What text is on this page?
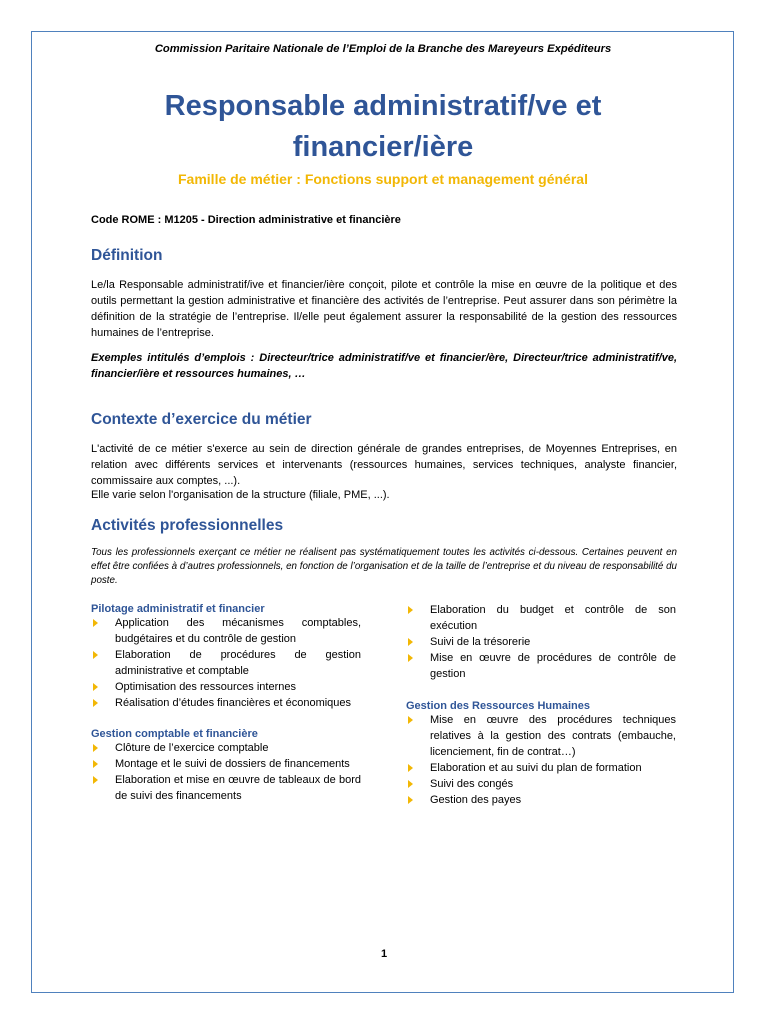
Commission Paritaire Nationale de l’Emploi de la Branche des Mareyeurs Expéditeurs
Responsable administratif/ve et
financier/ière
Famille de métier : Fonctions support et management général
Code ROME : M1205 - Direction administrative et financière
Définition
Le/la Responsable administratif/ive et financier/ière conçoit, pilote et contrôle la mise en œuvre de la politique et des outils permettant la gestion administrative et financière des activités de l’entreprise. Peut assurer dans son périmètre la définition de la stratégie de l’entreprise. Il/elle peut également assurer la responsabilité de la gestion des ressources humaines de l’entreprise.
Exemples intitulés d’emplois : Directeur/trice administratif/ve et financier/ère, Directeur/trice administratif/ve, financier/ière et ressources humaines, …
Contexte d’exercice du métier
L'activité de ce métier s'exerce au sein de direction générale de grandes entreprises, de Moyennes Entreprises, en relation avec différents services et intervenants (ressources humaines, services techniques, analyste financier, commissaire aux comptes, ...).
Elle varie selon l'organisation de la structure (filiale, PME, ...).
Activités professionnelles
Tous les professionnels exerçant ce métier ne réalisent pas systématiquement toutes les activités ci-dessous. Certaines peuvent en effet être confiées à d’autres professionnels, en fonction de l’organisation et de la taille de l’entreprise et du niveau de responsabilité du poste.
Pilotage administratif et financier
Application des mécanismes comptables, budgétaires et du contrôle de gestion
Elaboration de procédures de gestion administrative et comptable
Optimisation des ressources internes
Réalisation d’études financières et économiques
Gestion comptable et financière
Clôture de l’exercice comptable
Montage et le suivi de dossiers de financements
Elaboration et mise en œuvre de tableaux de bord de suivi des financements
Elaboration du budget et contrôle de son exécution
Suivi de la trésorerie
Mise en œuvre de procédures de contrôle de gestion
Gestion des Ressources Humaines
Mise en œuvre des procédures techniques relatives à la gestion des contrats (embauche, licenciement, fin de contrat…)
Elaboration et au suivi du plan de formation
Suivi des congés
Gestion des payes
1
